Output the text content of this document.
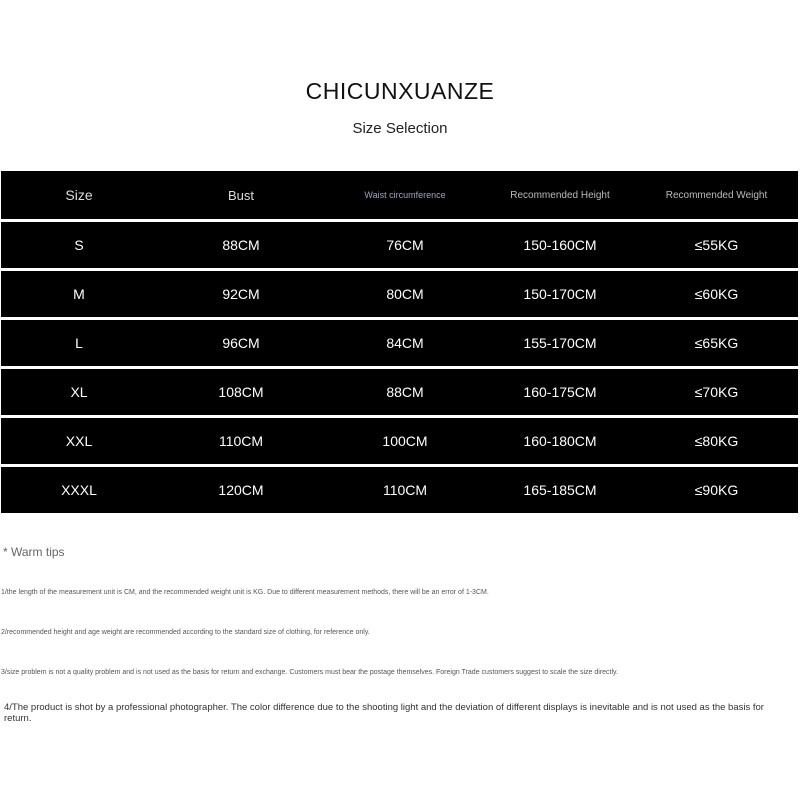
CHICUNXUANZE
Size Selection
Size	Bust	Waist circumference	Recommended Height	Recommended Weight
S	88CM	76CM	150-160CM	≤55KG
M	92CM	80CM	150-170CM	≤60KG
L	96CM	84CM	155-170CM	≤65KG
XL	108CM	88CM	160-175CM	≤70KG
XXL	110CM	100CM	160-180CM	≤80KG
XXXL	120CM	110CM	165-185CM	≤90KG
* Warm tips
1/the length of the measurement unit is CM, and the recommended weight unit is KG. Due to different measurement methods, there will be an error of 1-3CM.
2/recommended height and age weight are recommended according to the standard size of clothing, for reference only.
3/size problem is not a quality problem and is not used as the basis for return and exchange. Customers must bear the postage themselves. Foreign Trade customers suggest to scale the size directly.
4/The product is shot by a professional photographer. The color difference due to the shooting light and the deviation of different displays is inevitable and is not used as the basis for return.
